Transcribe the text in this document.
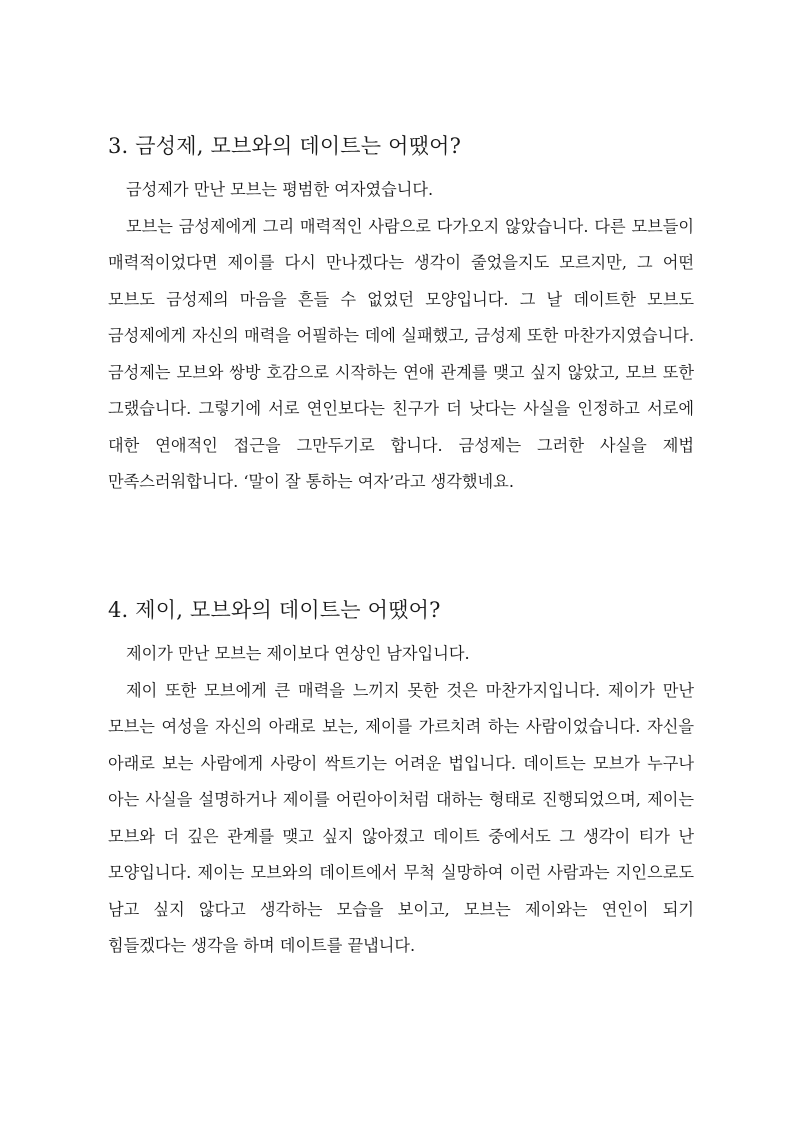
3. 금성제, 모브와의 데이트는 어땠어?

금성제가 만난 모브는 평범한 여자였습니다.

모브는 금성제에게 그리 매력적인 사람으로 다가오지 않았습니다. 다른 모브들이 매력적이었다면 제이를 다시 만나겠다는 생각이 줄었을지도 모르지만, 그 어떤 모브도 금성제의 마음을 흔들 수 없었던 모양입니다. 그 날 데이트한 모브도 금성제에게 자신의 매력을 어필하는 데에 실패했고, 금성제 또한 마찬가지였습니다. 금성제는 모브와 쌍방 호감으로 시작하는 연애 관계를 맺고 싶지 않았고, 모브 또한 그랬습니다. 그렇기에 서로 연인보다는 친구가 더 낫다는 사실을 인정하고 서로에 대한 연애적인 접근을 그만두기로 합니다. 금성제는 그러한 사실을 제법 만족스러워합니다. ‘말이 잘 통하는 여자’라고 생각했네요.

4. 제이, 모브와의 데이트는 어땠어?

제이가 만난 모브는 제이보다 연상인 남자입니다.

제이 또한 모브에게 큰 매력을 느끼지 못한 것은 마찬가지입니다. 제이가 만난 모브는 여성을 자신의 아래로 보는, 제이를 가르치려 하는 사람이었습니다. 자신을 아래로 보는 사람에게 사랑이 싹트기는 어려운 법입니다. 데이트는 모브가 누구나 아는 사실을 설명하거나 제이를 어린아이처럼 대하는 형태로 진행되었으며, 제이는 모브와 더 깊은 관계를 맺고 싶지 않아졌고 데이트 중에서도 그 생각이 티가 난 모양입니다. 제이는 모브와의 데이트에서 무척 실망하여 이런 사람과는 지인으로도 남고 싶지 않다고 생각하는 모습을 보이고, 모브는 제이와는 연인이 되기 힘들겠다는 생각을 하며 데이트를 끝냅니다.
